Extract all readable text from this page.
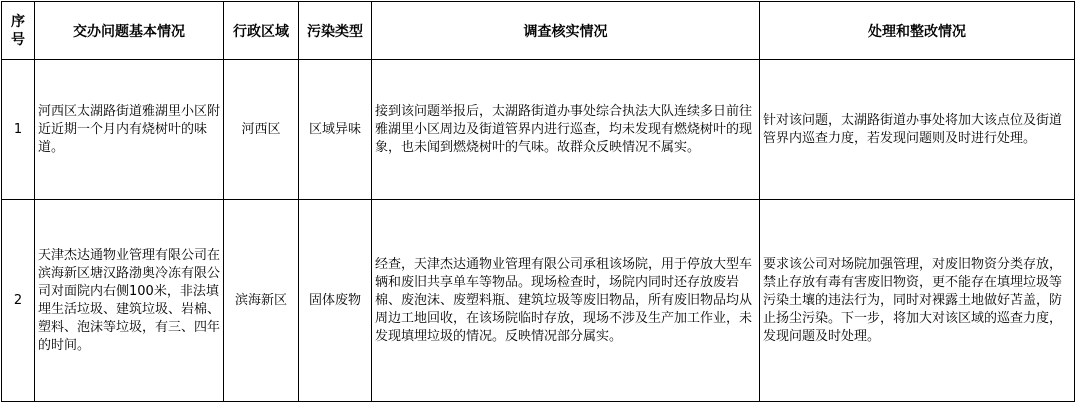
序号	交办问题基本情况	行政区域	污染类型	调查核实情况	处理和整改情况
1	河西区太湖路街道雅湖里小区附近近期一个月内有烧树叶的味道。	河西区	区域异味	接到该问题举报后，太湖路街道办事处综合执法大队连续多日前往雅湖里小区周边及街道管界内进行巡查，均未发现有燃烧树叶的现象，也未闻到燃烧树叶的气味。故群众反映情况不属实。	针对该问题，太湖路街道办事处将加大该点位及街道管界内巡查力度，若发现问题则及时进行处理。
2	天津杰达通物业管理有限公司在滨海新区塘汉路渤奥冷冻有限公司对面院内右侧100米，非法填埋生活垃圾、建筑垃圾、岩棉、塑料、泡沫等垃圾，有三、四年的时间。	滨海新区	固体废物	经查，天津杰达通物业管理有限公司承租该场院，用于停放大型车辆和废旧共享单车等物品。现场检查时，场院内同时还存放废岩棉、废泡沫、废塑料瓶、建筑垃圾等废旧物品，所有废旧物品均从周边工地回收，在该场院临时存放，现场不涉及生产加工作业，未发现填埋垃圾的情况。反映情况部分属实。	要求该公司对场院加强管理，对废旧物资分类存放，禁止存放有毒有害废旧物资，更不能存在填埋垃圾等污染土壤的违法行为，同时对裸露土地做好苫盖，防止扬尘污染。下一步，将加大对该区域的巡查力度，发现问题及时处理。
